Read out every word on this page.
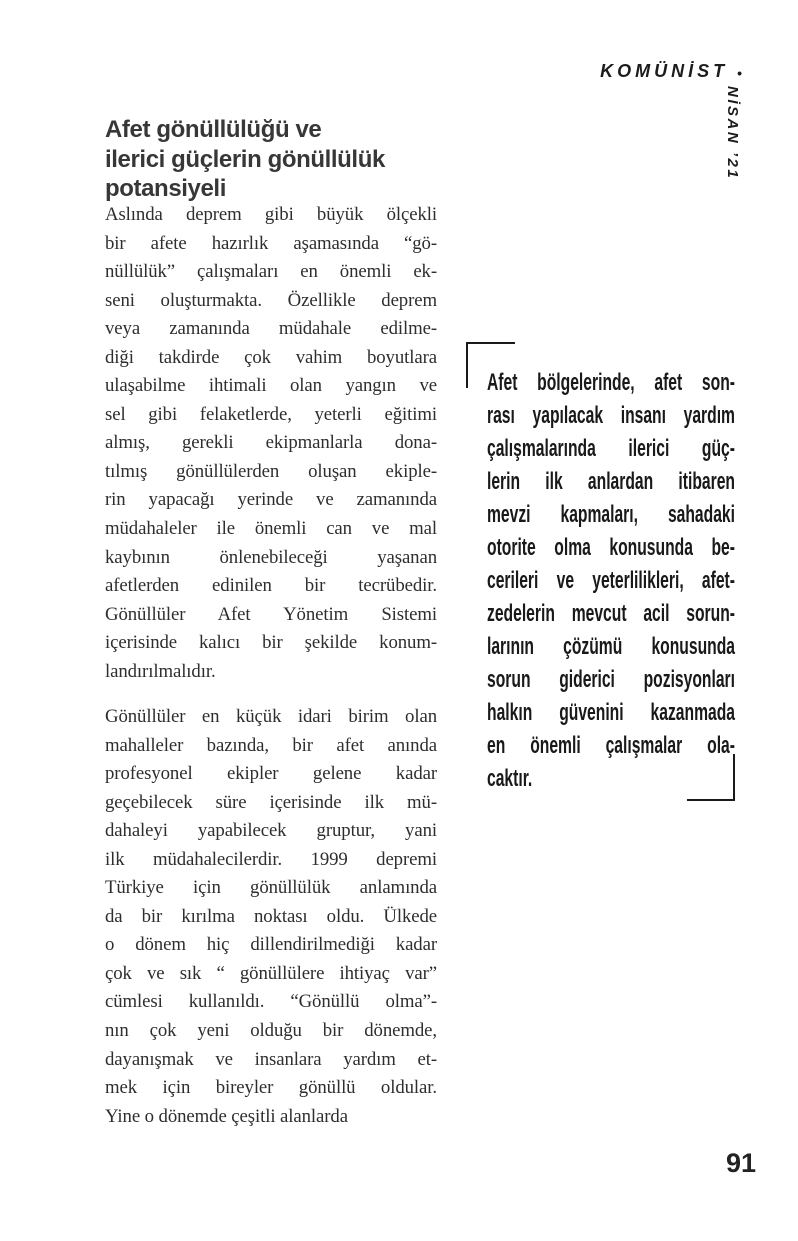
KOMÜNİST •
NİSAN ’21
Afet gönüllülüğü ve
ilerici güçlerin gönüllülük
potansiyeli
Aslında deprem gibi büyük ölçekli
bir afete hazırlık aşamasında “gö-
nüllülük” çalışmaları en önemli ek-
seni oluşturmakta. Özellikle deprem
veya zamanında müdahale edilme-
diği takdirde çok vahim boyutlara
ulaşabilme ihtimali olan yangın ve
sel gibi felaketlerde, yeterli eğitimi
almış, gerekli ekipmanlarla dona-
tılmış gönüllülerden oluşan ekiple-
rin yapacağı yerinde ve zamanında
müdahaleler ile önemli can ve mal
kaybının önlenebileceği yaşanan
afetlerden edinilen bir tecrübedir.
Gönüllüler Afet Yönetim Sistemi
içerisinde kalıcı bir şekilde konum-
landırılmalıdır.
Gönüllüler en küçük idari birim olan
mahalleler bazında, bir afet anında
profesyonel ekipler gelene kadar
geçebilecek süre içerisinde ilk mü-
dahaleyi yapabilecek gruptur, yani
ilk müdahalecilerdir. 1999 depremi
Türkiye için gönüllülük anlamında
da bir kırılma noktası oldu. Ülkede
o dönem hiç dillendirilmediği kadar
çok ve sık “ gönüllülere ihtiyaç var”
cümlesi kullanıldı. “Gönüllü olma”-
nın çok yeni olduğu bir dönemde,
dayanışmak ve insanlara yardım et-
mek için bireyler gönüllü oldular.
Yine o dönemde çeşitli alanlarda
Afet bölgelerinde, afet son-
rası yapılacak insanı yardım
çalışmalarında ilerici güç-
lerin ilk anlardan itibaren
mevzi kapmaları, sahadaki
otorite olma konusunda be-
cerileri ve yeterlilikleri, afet-
zedelerin mevcut acil sorun-
larının çözümü konusunda
sorun giderici pozisyonları
halkın güvenini kazanmada
en önemli çalışmalar ola-
caktır.
91
